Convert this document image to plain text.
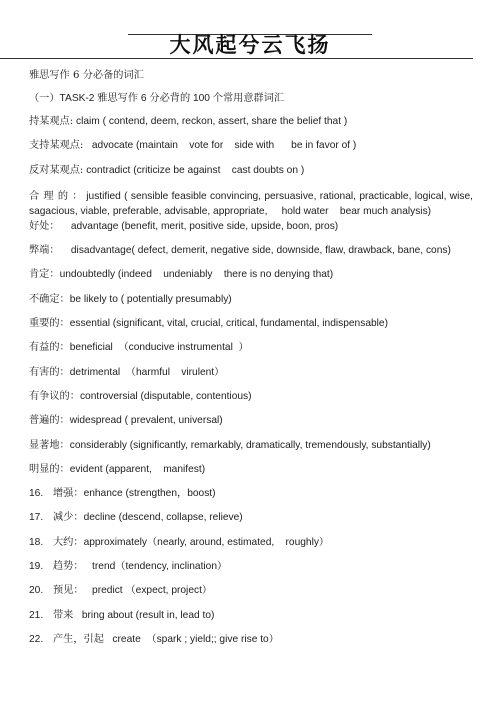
大风起兮云飞扬

雅思写作 6 分必备的词汇

（一）TASK-2 雅思写作 6 分必背的 100 个常用意群词汇

持某观点: claim ( contend, deem, reckon, assert, share the belief that )

支持某观点:   advocate (maintain    vote for    side with      be in favor of )

反对某观点: contradict (criticize be against    cast doubts on )

合 理 的 ： justified ( sensible feasible convincing, persuasive, rational, practicable, logical, wise, sagacious, viable, preferable, advisable, appropriate,     hold water    bear much analysis)

好处：    advantage (benefit, merit, positive side, upside, boon, pros)

弊端：    disadvantage( defect, demerit, negative side, downside, flaw, drawback, bane, cons)

肯定：undoubtedly (indeed    undeniably    there is no denying that)

不确定：be likely to ( potentially presumably)

重要的：essential (significant, vital, crucial, critical, fundamental, indispensable)

有益的：beneficial  （conducive instrumental  ）

有害的：detrimental  （harmful    virulent）

有争议的：controversial (disputable, contentious)

普遍的：widespread ( prevalent, universal)

显著地：considerably (significantly, remarkably, dramatically, tremendously, substantially)

明显的：evident (apparent,    manifest)

16. 增强：enhance (strengthen，boost)

17. 减少：decline (descend, collapse, relieve)

18. 大约：approximately（nearly, around, estimated,    roughly）

19. 趋势：   trend（tendency, inclination）

20. 预见：   predict （expect, project）

21. 带来   bring about (result in, lead to)

22. 产生，引起   create  （spark ; yield;; give rise to）
